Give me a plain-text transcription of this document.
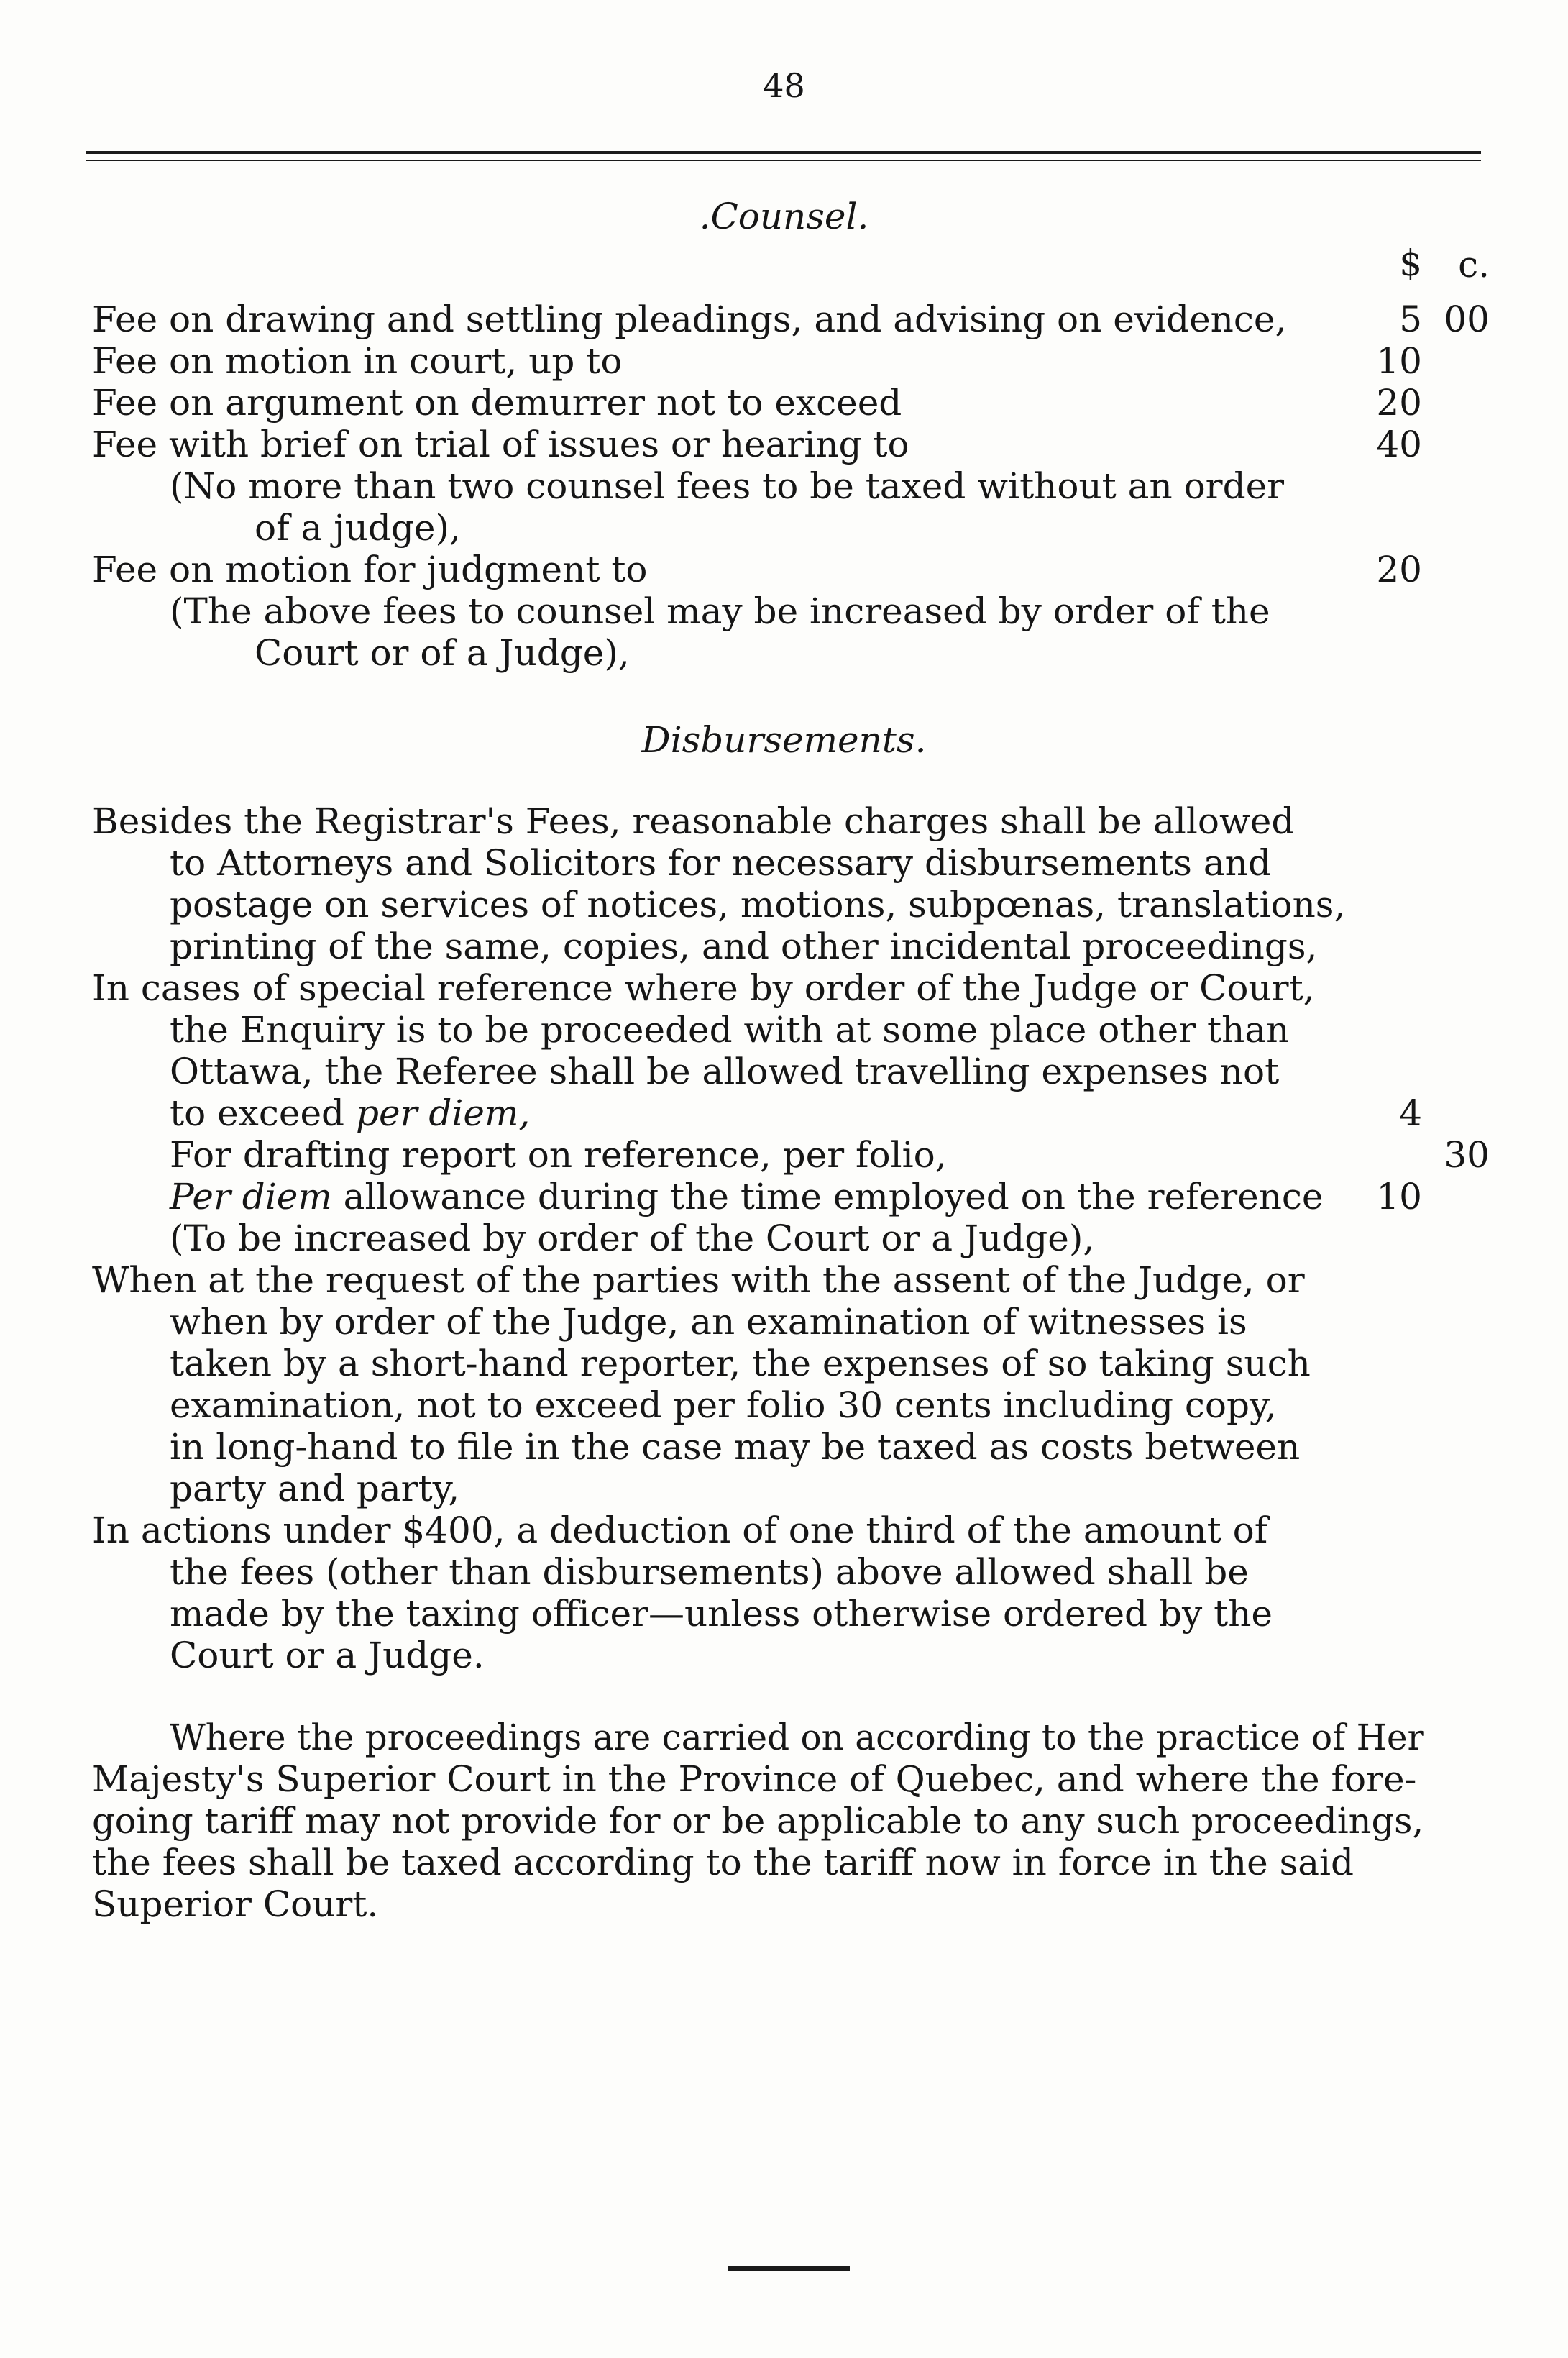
48
.Counsel.
$	c.
Fee on drawing and settling pleadings, and advising on evidence,	5 00
Fee on motion in court, up to	10
Fee on argument on demurrer not to exceed	20
Fee with brief on trial of issues or hearing to	40
(No more than two counsel fees to be taxed without an order
of a judge),
Fee on motion for judgment to	20
(The above fees to counsel may be increased by order of the
Court or of a Judge),
Disbursements.
Besides the Registrar's Fees, reasonable charges shall be allowed
to Attorneys and Solicitors for necessary disbursements and
postage on services of notices, motions, subpœnas, translations,
printing of the same, copies, and other incidental proceedings,
In cases of special reference where by order of the Judge or Court,
the Enquiry is to be proceeded with at some place other than
Ottawa, the Referee shall be allowed travelling expenses not
to exceed per diem,	4
For drafting report on reference, per folio,	30
Per diem allowance during the time employed on the reference	10
(To be increased by order of the Court or a Judge),
When at the request of the parties with the assent of the Judge, or
when by order of the Judge, an examination of witnesses is
taken by a short-hand reporter, the expenses of so taking such
examination, not to exceed per folio 30 cents including copy,
in long-hand to file in the case may be taxed as costs between
party and party,
In actions under $400, a deduction of one third of the amount of
the fees (other than disbursements) above allowed shall be
made by the taxing officer—unless otherwise ordered by the
Court or a Judge.
Where the proceedings are carried on according to the practice of Her
Majesty's Superior Court in the Province of Quebec, and where the fore-
going tariff may not provide for or be applicable to any such proceedings,
the fees shall be taxed according to the tariff now in force in the said
Superior Court.
